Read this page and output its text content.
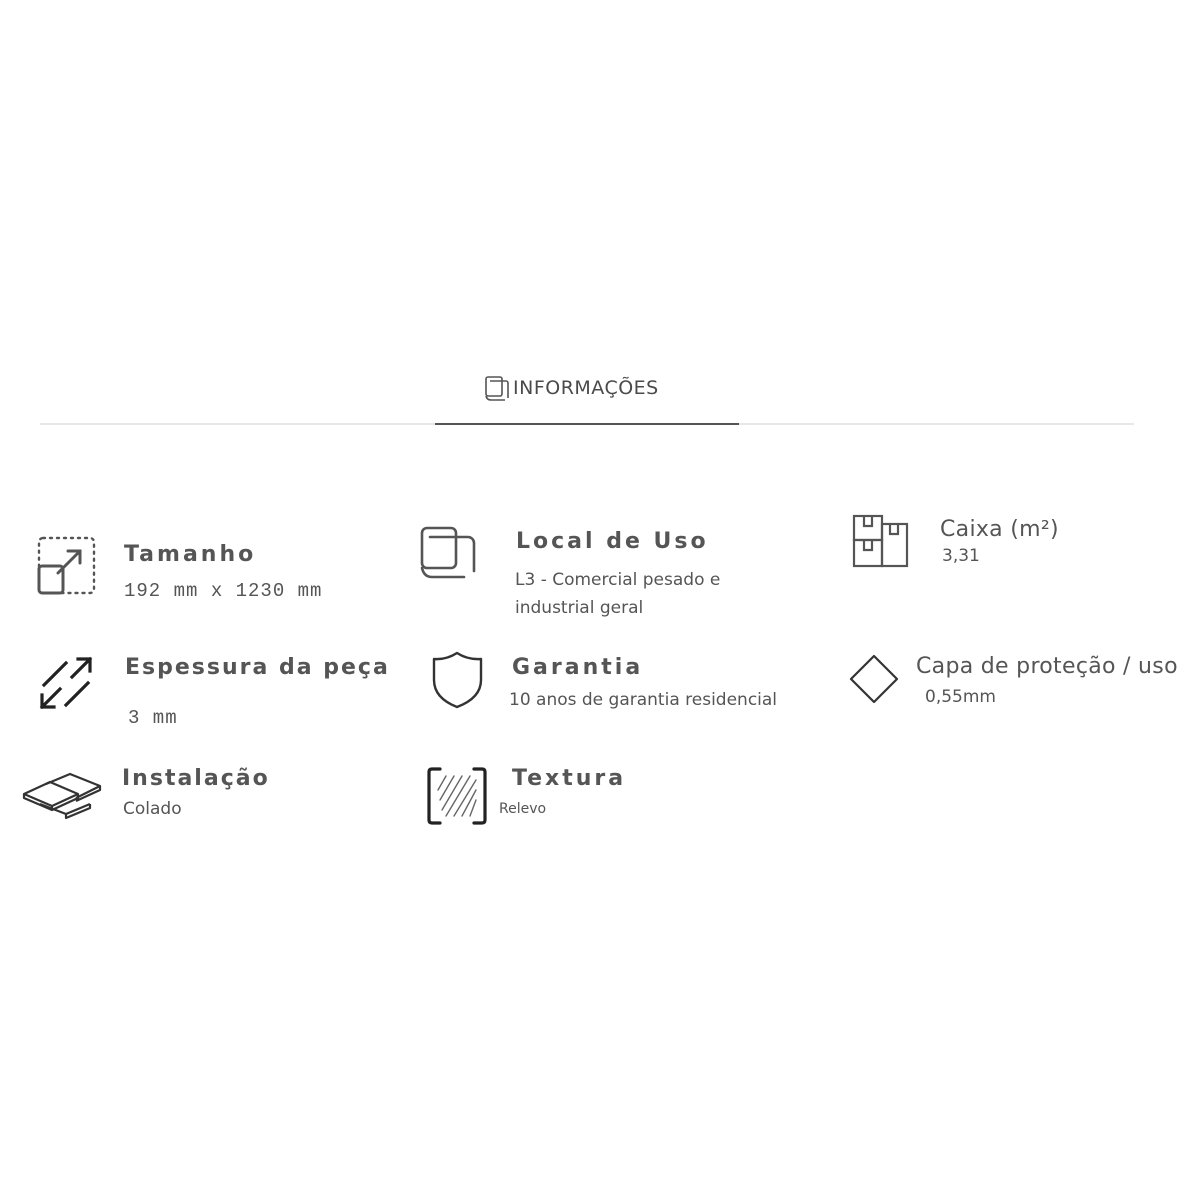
INFORMAÇÕES
Tamanho
192 mm x 1230 mm
Local de Uso
L3 - Comercial pesado e industrial geral
Caixa (m²)
3,31
Espessura da peça
3 mm
Garantia
10 anos de garantia residencial
Capa de proteção / uso
0,55mm
Instalação
Colado
Textura
Relevo
